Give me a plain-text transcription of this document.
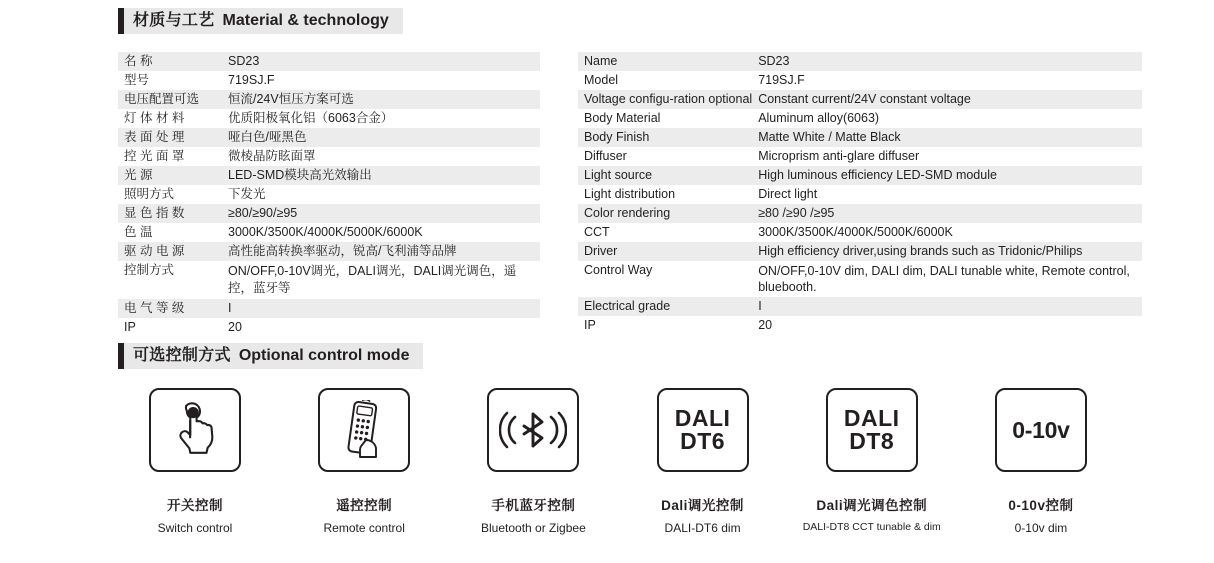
材质与工艺 Material & technology
名 称	SD23
型号	719SJ.F
电压配置可选	恒流/24V恒压方案可选
灯 体 材 料	优质阳极氧化铝（6063合金）
表 面 处 理	哑白色/哑黑色
控 光 面 罩	微棱晶防眩面罩
光 源	LED-SMD模块高光效输出
照明方式	下发光
显 色 指 数	≥80/≥90/≥95
色 温	3000K/3500K/4000K/5000K/6000K
驱 动 电 源	高性能高转换率驱动，锐高/飞利浦等品牌
控制方式	ON/OFF,0-10V调光，DALI调光，DALI调光调色，遥控，蓝牙等
电 气 等 级	I
IP	20
Name	SD23
Model	719SJ.F
Voltage configu-ration optional	Constant current/24V constant voltage
Body Material	Aluminum alloy(6063)
Body Finish	Matte White / Matte Black
Diffuser	Microprism anti-glare diffuser
Light source	High luminous efficiency LED-SMD module
Light distribution	Direct light
Color rendering	≥80 /≥90 /≥95
CCT	3000K/3500K/4000K/5000K/6000K
Driver	High efficiency driver,using brands such as Tridonic/Philips
Control Way	ON/OFF,0-10V dim, DALI dim, DALI tunable white, Remote control, bluebooth.
Electrical grade	I
IP	20
可选控制方式 Optional control mode
开关控制
Switch control
遥控控制
Remote control
手机蓝牙控制
Bluetooth or Zigbee
DALI
DT6
Dali调光控制
DALI-DT6 dim
DALI
DT8
Dali调光调色控制
DALI-DT8 CCT tunable & dim
0-10v
0-10v控制
0-10v dim
